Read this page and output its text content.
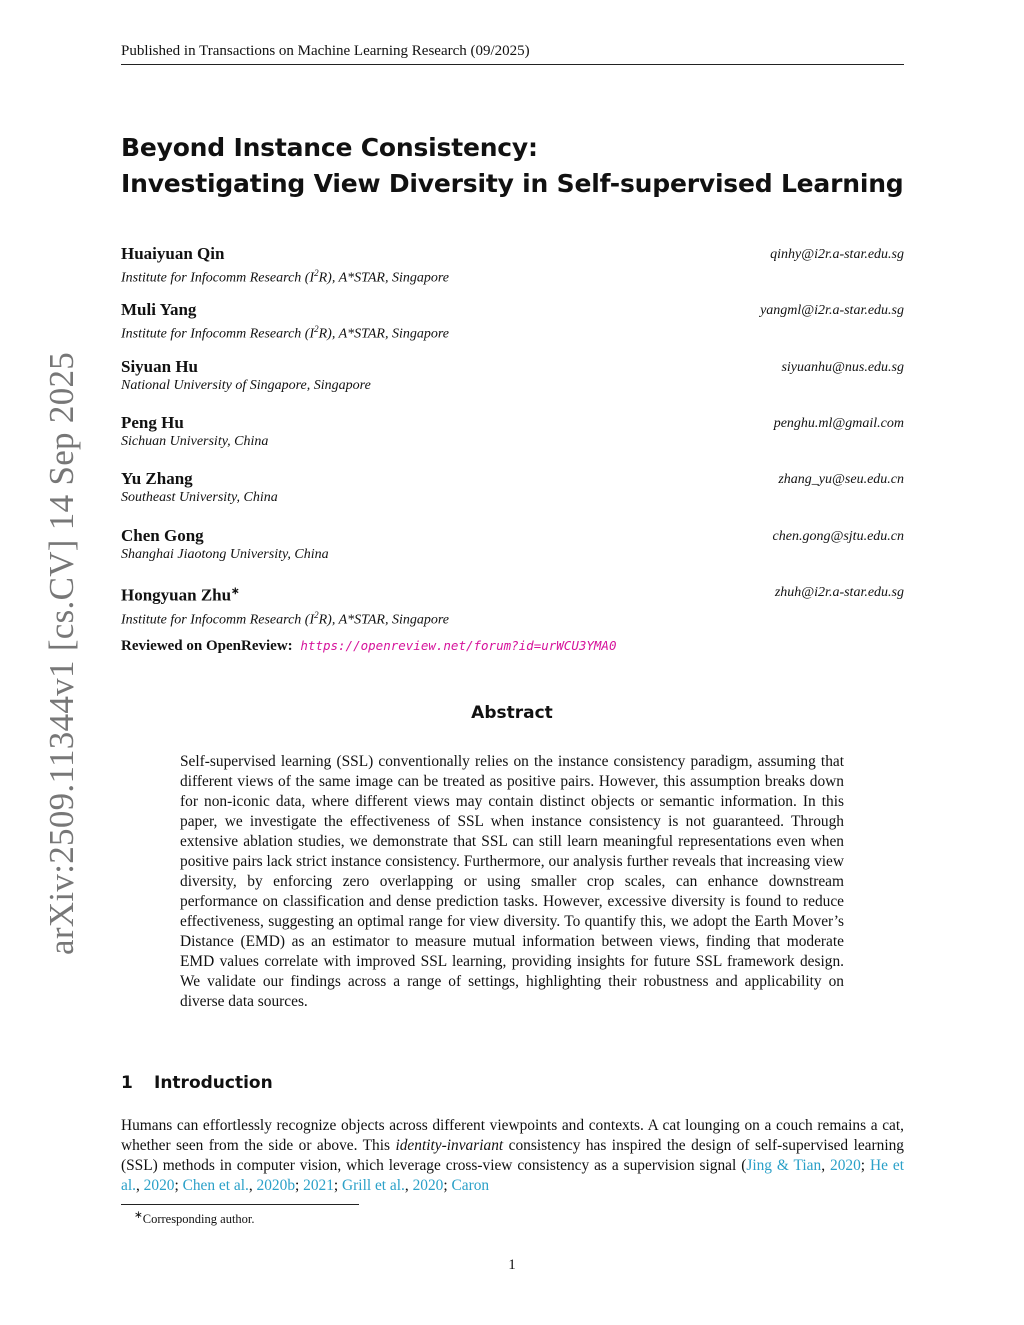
Published in Transactions on Machine Learning Research (09/2025)
arXiv:2509.11344v1 [cs.CV] 14 Sep 2025
Beyond Instance Consistency:
Investigating View Diversity in Self-supervised Learning
Huaiyuan Qin	qinhy@i2r.a-star.edu.sg
Institute for Infocomm Research $(I^2R)$, A*STAR, Singapore
Muli Yang	yangml@i2r.a-star.edu.sg
Institute for Infocomm Research $(I^2R)$, A*STAR, Singapore
Siyuan Hu	siyuanhu@nus.edu.sg
National University of Singapore, Singapore
Peng Hu	penghu.ml@gmail.com
Sichuan University, China
Yu Zhang	zhang_yu@seu.edu.cn
Southeast University, China
Chen Gong	chen.gong@sjtu.edu.cn
Shanghai Jiaotong University, China
Hongyuan Zhu∗	zhuh@i2r.a-star.edu.sg
Institute for Infocomm Research $(I^2R)$, A*STAR, Singapore
Reviewed on OpenReview: https://openreview.net/forum?id=urWCU3YMA0
Abstract
Self-supervised learning (SSL) conventionally relies on the instance consistency paradigm, assuming that different views of the same image can be treated as positive pairs. However, this assumption breaks down for non-iconic data, where different views may contain distinct objects or semantic information. In this paper, we investigate the effectiveness of SSL when instance consistency is not guaranteed. Through extensive ablation studies, we demonstrate that SSL can still learn meaningful representations even when positive pairs lack strict instance consistency. Furthermore, our analysis further reveals that increasing view diversity, by enforcing zero overlapping or using smaller crop scales, can enhance downstream performance on classification and dense prediction tasks. However, excessive diversity is found to reduce effectiveness, suggesting an optimal range for view diversity. To quantify this, we adopt the Earth Mover’s Distance (EMD) as an estimator to measure mutual information between views, finding that moderate EMD values correlate with improved SSL learning, providing insights for future SSL framework design. We validate our findings across a range of settings, highlighting their robustness and applicability on diverse data sources.
1 Introduction
Humans can effortlessly recognize objects across different viewpoints and contexts. A cat lounging on a couch remains a cat, whether seen from the side or above. This identity-invariant consistency has inspired the design of self-supervised learning (SSL) methods in computer vision, which leverage cross-view consistency as a supervision signal (Jing & Tian, 2020; He et al., 2020; Chen et al., 2020b; 2021; Grill et al., 2020; Caron
∗Corresponding author.
1
